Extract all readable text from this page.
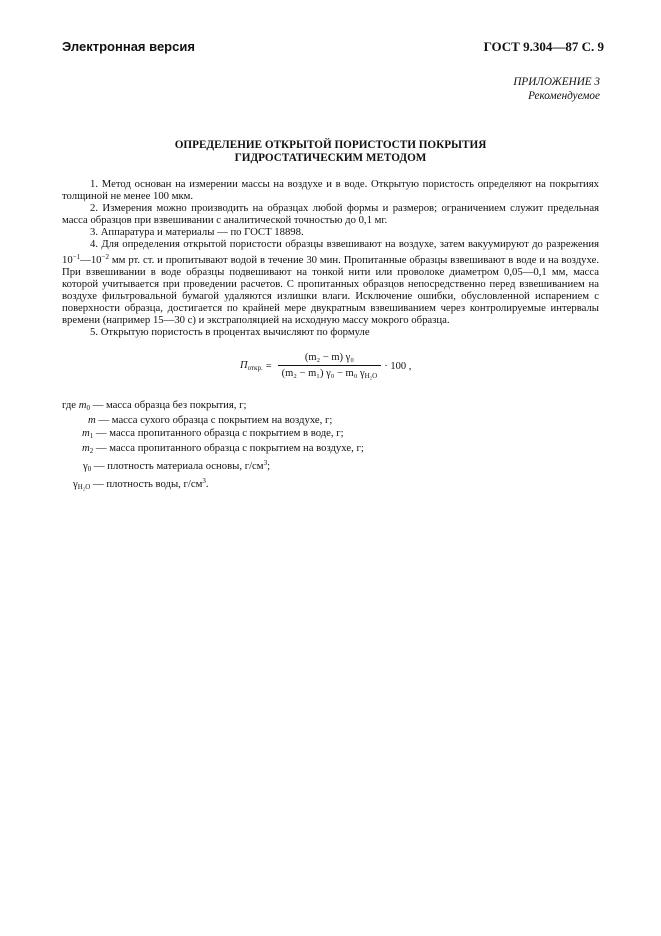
Электронная версия	ГОСТ 9.304—87 С. 9
ПРИЛОЖЕНИЕ 3
Рекомендуемое
ОПРЕДЕЛЕНИЕ ОТКРЫТОЙ ПОРИСТОСТИ ПОКРЫТИЯ
ГИДРОСТАТИЧЕСКИМ МЕТОДОМ

1. Метод основан на измерении массы на воздухе и в воде. Открытую пористость определяют на покрытиях толщиной не менее 100 мкм.

2. Измерения можно производить на образцах любой формы и размеров; ограничением служит предельная масса образцов при взвешивании с аналитической точностью до 0,1 мг.

3. Аппаратура и материалы — по ГОСТ 18898.

4. Для определения открытой пористости образцы взвешивают на воздухе, затем вакуумируют до разрежения $10^{-1}—10^{-2}$ мм рт. ст. и пропитывают водой в течение 30 мин. Пропитанные образцы взвешивают в воде и на воздухе. При взвешивании в воде образцы подвешивают на тонкой нити или проволоке диаметром 0,05—0,1 мм, масса которой учитывается при проведении расчетов. С пропитанных образцов непосредственно перед взвешиванием на воздухе фильтровальной бумагой удаляются излишки влаги. Исключение ошибки, обусловленной испарением с поверхности образца, достигается по крайней мере двукратным взвешиванием через контролируемые интервалы времени (например 15—30 с) и экстраполяцией на исходную массу мокрого образца.

5. Открытую пористость в процентах вычисляют по формуле

$П_{откр.} = \frac{\text{(m₂ − m) γ₀}}{(m_2 - m_1) \gamma_0 - m_0 \gamma_{H_2O}} \cdot 100$ ,
где $m_0$ — масса образца без покрытия, г;
m — масса сухого образца с покрытием на воздухе, г;
$m_1$ — масса пропитанного образца с покрытием в воде, г;
$m_2$ — масса пропитанного образца с покрытием на воздухе, г;
$\gamma_0$ — плотность материала основы, $г/см^3$;
$\gamma_{H_2O}$ — плотность воды, $г/см^3$.
